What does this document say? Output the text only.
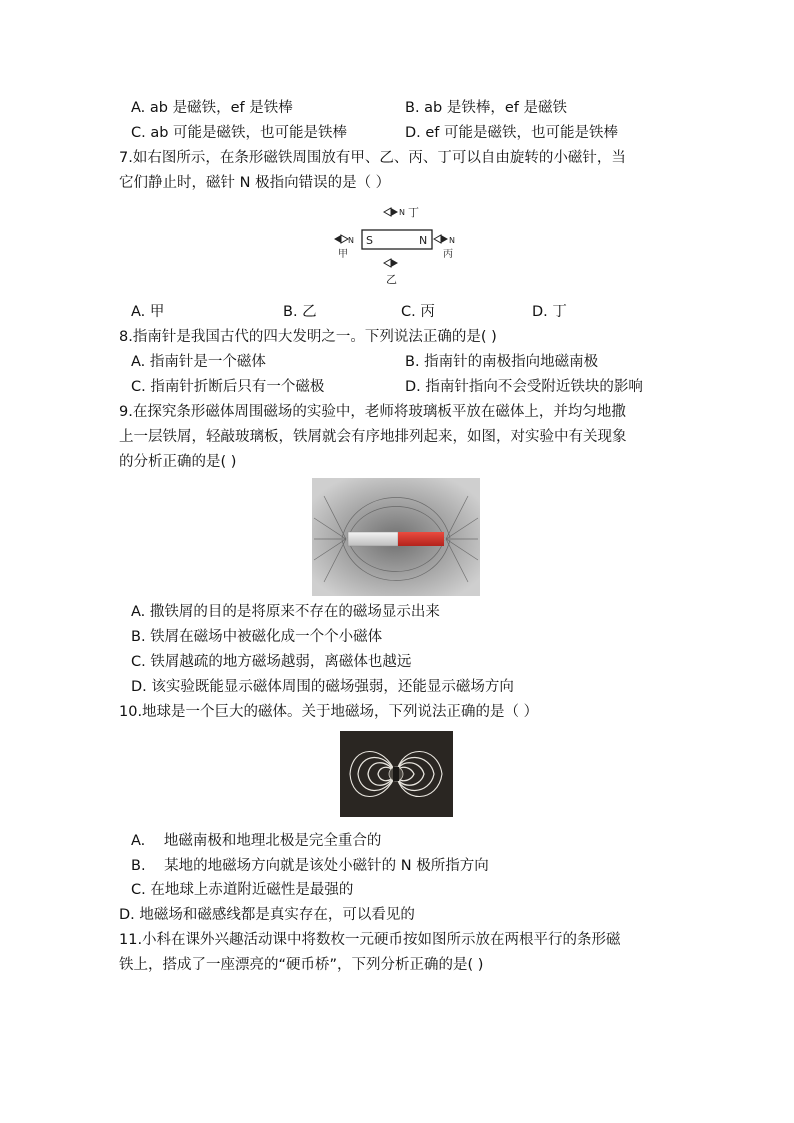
A. ab 是磁铁，ef 是铁棒	B. ab 是铁棒，ef 是磁铁
C. ab 可能是磁铁，也可能是铁棒	D. ef 可能是磁铁，也可能是铁棒
7.如右图所示，在条形磁铁周围放有甲、乙、丙、丁可以自由旋转的小磁针，当
它们静止时，磁针 N 极指向错误的是（ ）
S	N
N 丁
N
甲
N
丙
乙
A. 甲	B. 乙	C. 丙	D. 丁
8.指南针是我国古代的四大发明之一。下列说法正确的是( )
A. 指南针是一个磁体	B. 指南针的南极指向地磁南极
C. 指南针折断后只有一个磁极	D. 指南针指向不会受附近铁块的影响
9.在探究条形磁体周围磁场的实验中，老师将玻璃板平放在磁体上，并均匀地撒
上一层铁屑，轻敲玻璃板，铁屑就会有序地排列起来，如图，对实验中有关现象
的分析正确的是( )
A. 撒铁屑的目的是将原来不存在的磁场显示出来
B. 铁屑在磁场中被磁化成一个个小磁体
C. 铁屑越疏的地方磁场越弱，离磁体也越远
D. 该实验既能显示磁体周围的磁场强弱，还能显示磁场方向
10.地球是一个巨大的磁体。关于地磁场，下列说法正确的是（ ）
A. 地磁南极和地理北极是完全重合的
B. 某地的地磁场方向就是该处小磁针的 N 极所指方向
C. 在地球上赤道附近磁性是最强的
D. 地磁场和磁感线都是真实存在，可以看见的
11.小科在课外兴趣活动课中将数枚一元硬币按如图所示放在两根平行的条形磁
铁上，搭成了一座漂亮的“硬币桥”，下列分析正确的是( )
